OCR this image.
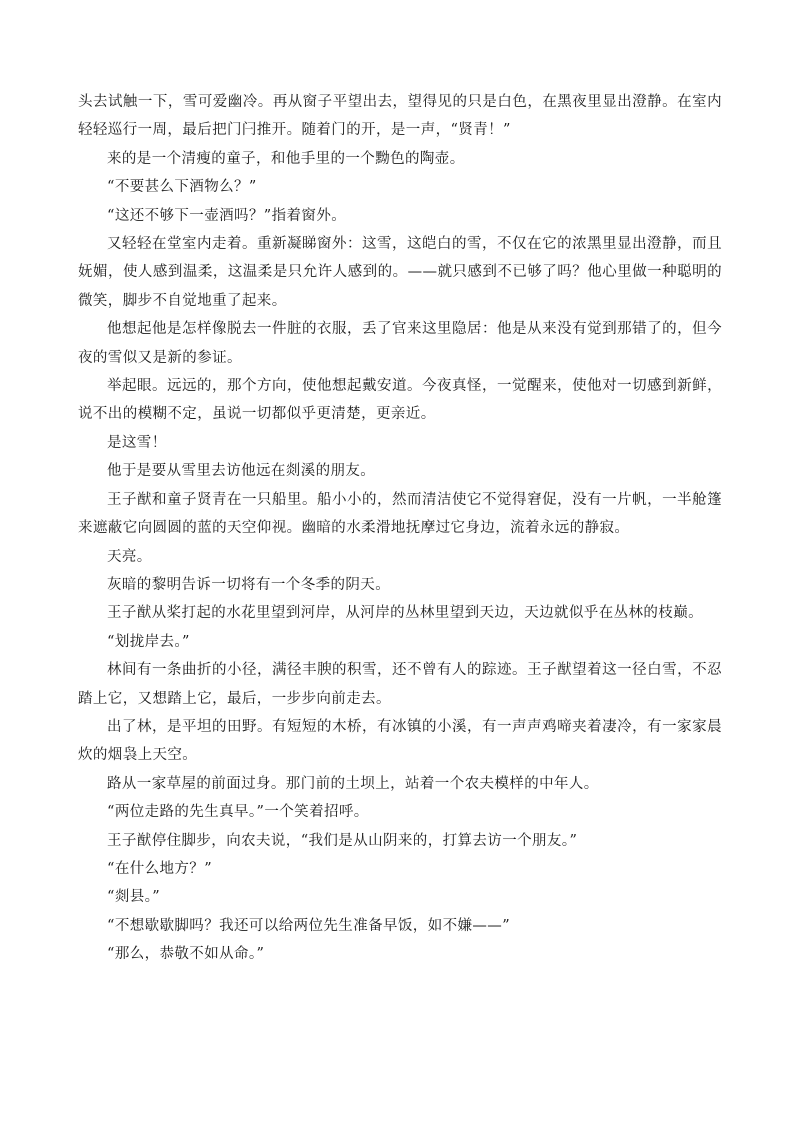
头去试触一下，雪可爱幽冷。再从窗子平望出去，望得见的只是白色，在黑夜里显出澄静。在室内轻轻巡行一周，最后把门闩推开。随着门的开，是一声，“贤青！”

来的是一个清瘦的童子，和他手里的一个黝色的陶壶。

“不要甚么下酒物么？”

“这还不够下一壶酒吗？”指着窗外。

又轻轻在堂室内走着。重新凝睇窗外：这雪，这皑白的雪，不仅在它的浓黑里显出澄静，而且妩媚，使人感到温柔，这温柔是只允许人感到的。——就只感到不已够了吗？他心里做一种聪明的微笑，脚步不自觉地重了起来。

他想起他是怎样像脱去一件脏的衣服，丢了官来这里隐居：他是从来没有觉到那错了的，但今夜的雪似又是新的参证。

举起眼。远远的，那个方向，使他想起戴安道。今夜真怪，一觉醒来，使他对一切感到新鲜，说不出的模糊不定，虽说一切都似乎更清楚，更亲近。

是这雪！

他于是要从雪里去访他远在剡溪的朋友。

王子猷和童子贤青在一只船里。船小小的，然而清洁使它不觉得窘促，没有一片帆，一半舱篷来遮蔽它向圆圆的蓝的天空仰视。幽暗的水柔滑地抚摩过它身边，流着永远的静寂。

天亮。

灰暗的黎明告诉一切将有一个冬季的阴天。

王子猷从桨打起的水花里望到河岸，从河岸的丛林里望到天边，天边就似乎在丛林的枝巅。

“划拢岸去。”

林间有一条曲折的小径，满径丰腴的积雪，还不曾有人的踪迹。王子猷望着这一径白雪，不忍踏上它，又想踏上它，最后，一步步向前走去。

出了林，是平坦的田野。有短短的木桥，有冰镇的小溪，有一声声鸡啼夹着凄冷，有一家家晨炊的烟袅上天空。

路从一家草屋的前面过身。那门前的土坝上，站着一个农夫模样的中年人。

“两位走路的先生真早。”一个笑着招呼。

王子猷停住脚步，向农夫说，“我们是从山阴来的，打算去访一个朋友。”

“在什么地方？”

“剡县。”

“不想歇歇脚吗？我还可以给两位先生准备早饭，如不嫌——”

“那么，恭敬不如从命。”
